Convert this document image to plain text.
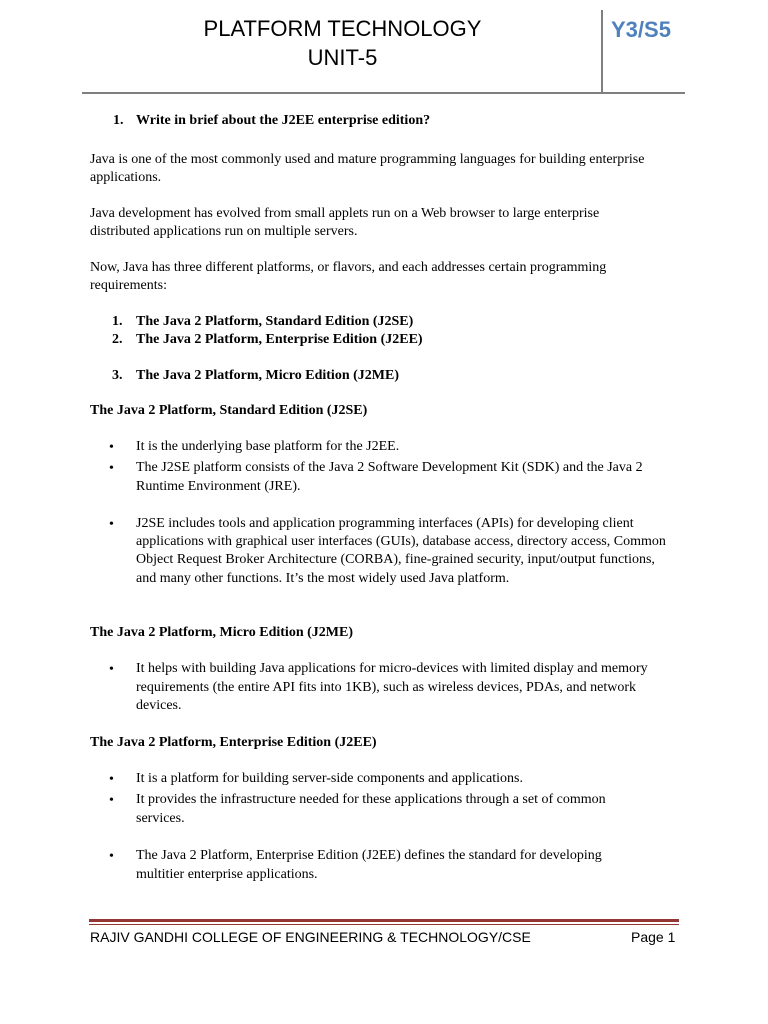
PLATFORM TECHNOLOGY
UNIT-5
Y3/S5
1. Write in brief about the J2EE enterprise edition?

Java is one of the most commonly used and mature programming languages for building enterprise applications.

Java development has evolved from small applets run on a Web browser to large enterprise distributed applications run on multiple servers.

Now, Java has three different platforms, or flavors, and each addresses certain programming requirements:

1. The Java 2 Platform, Standard Edition (J2SE)
2. The Java 2 Platform, Enterprise Edition (J2EE)
3. The Java 2 Platform, Micro Edition (J2ME)
The Java 2 Platform, Standard Edition (J2SE)
•	It is the underlying base platform for the J2EE.

•	The J2SE platform consists of the Java 2 Software Development Kit (SDK) and the Java 2 Runtime Environment (JRE).

•	J2SE includes tools and application programming interfaces (APIs) for developing client applications with graphical user interfaces (GUIs), database access, directory access, Common Object Request Broker Architecture (CORBA), fine-grained security, input/output functions, and many other functions. It’s the most widely used Java platform.

The Java 2 Platform, Micro Edition (J2ME)
•	It helps with building Java applications for micro-devices with limited display and memory requirements (the entire API fits into 1KB), such as wireless devices, PDAs, and network devices.

The Java 2 Platform, Enterprise Edition (J2EE)
•	It is a platform for building server-side components and applications.

•	It provides the infrastructure needed for these applications through a set of common services.

•	The Java 2 Platform, Enterprise Edition (J2EE) defines the standard for developing multitier enterprise applications.

RAJIV GANDHI COLLEGE OF ENGINEERING & TECHNOLOGY/CSE	Page 1
